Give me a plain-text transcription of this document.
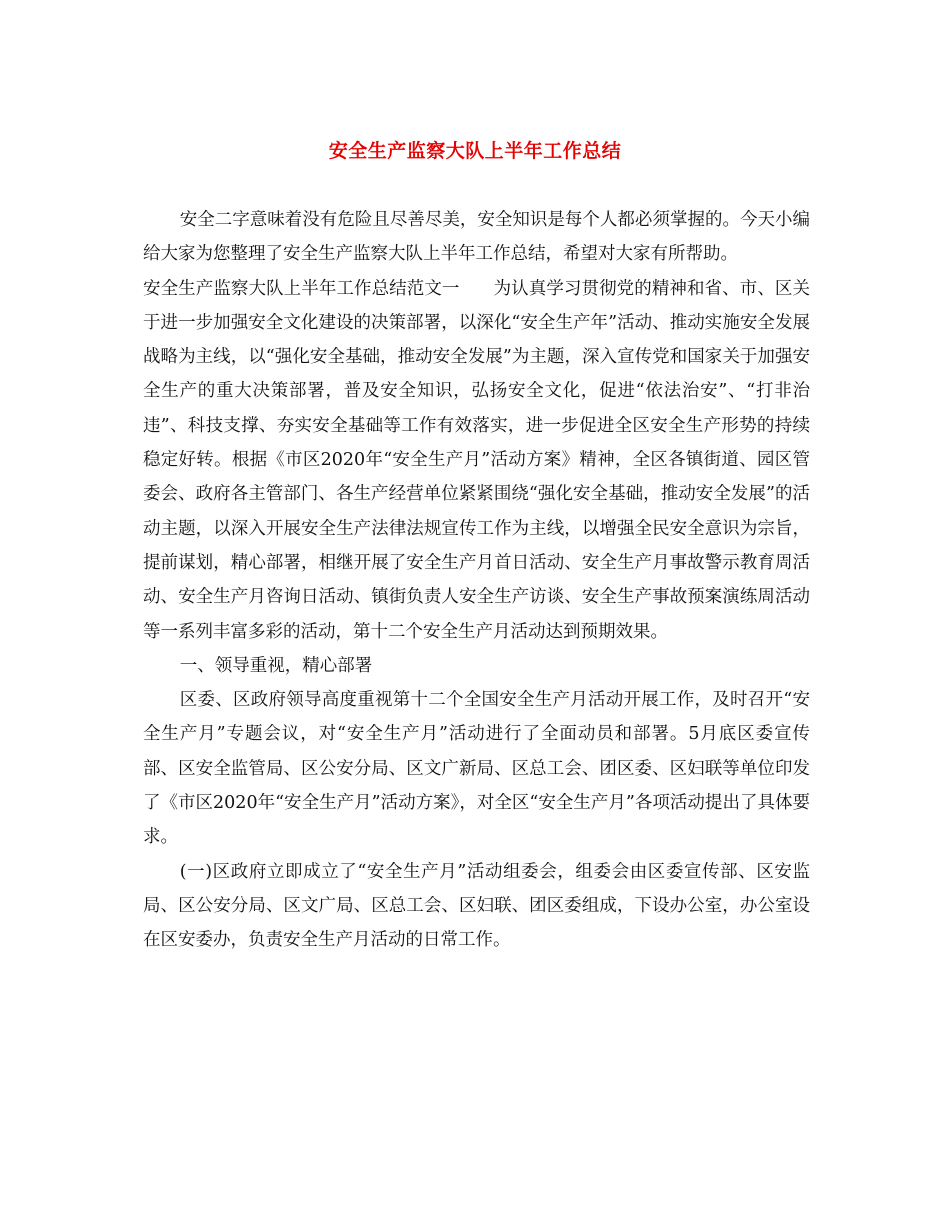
安全生产监察大队上半年工作总结

安全二字意味着没有危险且尽善尽美，安全知识是每个人都必须掌握的。今天小编给大家为您整理了安全生产监察大队上半年工作总结，希望对大家有所帮助。

安全生产监察大队上半年工作总结范文一 为认真学习贯彻党的精神和省、市、区关于进一步加强安全文化建设的决策部署，以深化“安全生产年”活动、推动实施安全发展战略为主线，以“强化安全基础，推动安全发展”为主题，深入宣传党和国家关于加强安全生产的重大决策部署，普及安全知识，弘扬安全文化，促进“依法治安”、“打非治违”、科技支撑、夯实安全基础等工作有效落实，进一步促进全区安全生产形势的持续稳定好转。根据《市区2020年“安全生产月”活动方案》精神，全区各镇街道、园区管委会、政府各主管部门、各生产经营单位紧紧围绕“强化安全基础，推动安全发展”的活动主题，以深入开展安全生产法律法规宣传工作为主线，以增强全民安全意识为宗旨，提前谋划，精心部署，相继开展了安全生产月首日活动、安全生产月事故警示教育周活动、安全生产月咨询日活动、镇街负责人安全生产访谈、安全生产事故预案演练周活动等一系列丰富多彩的活动，第十二个安全生产月活动达到预期效果。

一、领导重视，精心部署

区委、区政府领导高度重视第十二个全国安全生产月活动开展工作，及时召开“安全生产月”专题会议，对“安全生产月”活动进行了全面动员和部署。5月底区委宣传部、区安全监管局、区公安分局、区文广新局、区总工会、团区委、区妇联等单位印发了《市区2020年“安全生产月”活动方案》，对全区“安全生产月”各项活动提出了具体要求。

(一)区政府立即成立了“安全生产月”活动组委会，组委会由区委宣传部、区安监局、区公安分局、区文广局、区总工会、区妇联、团区委组成，下设办公室，办公室设在区安委办，负责安全生产月活动的日常工作。
